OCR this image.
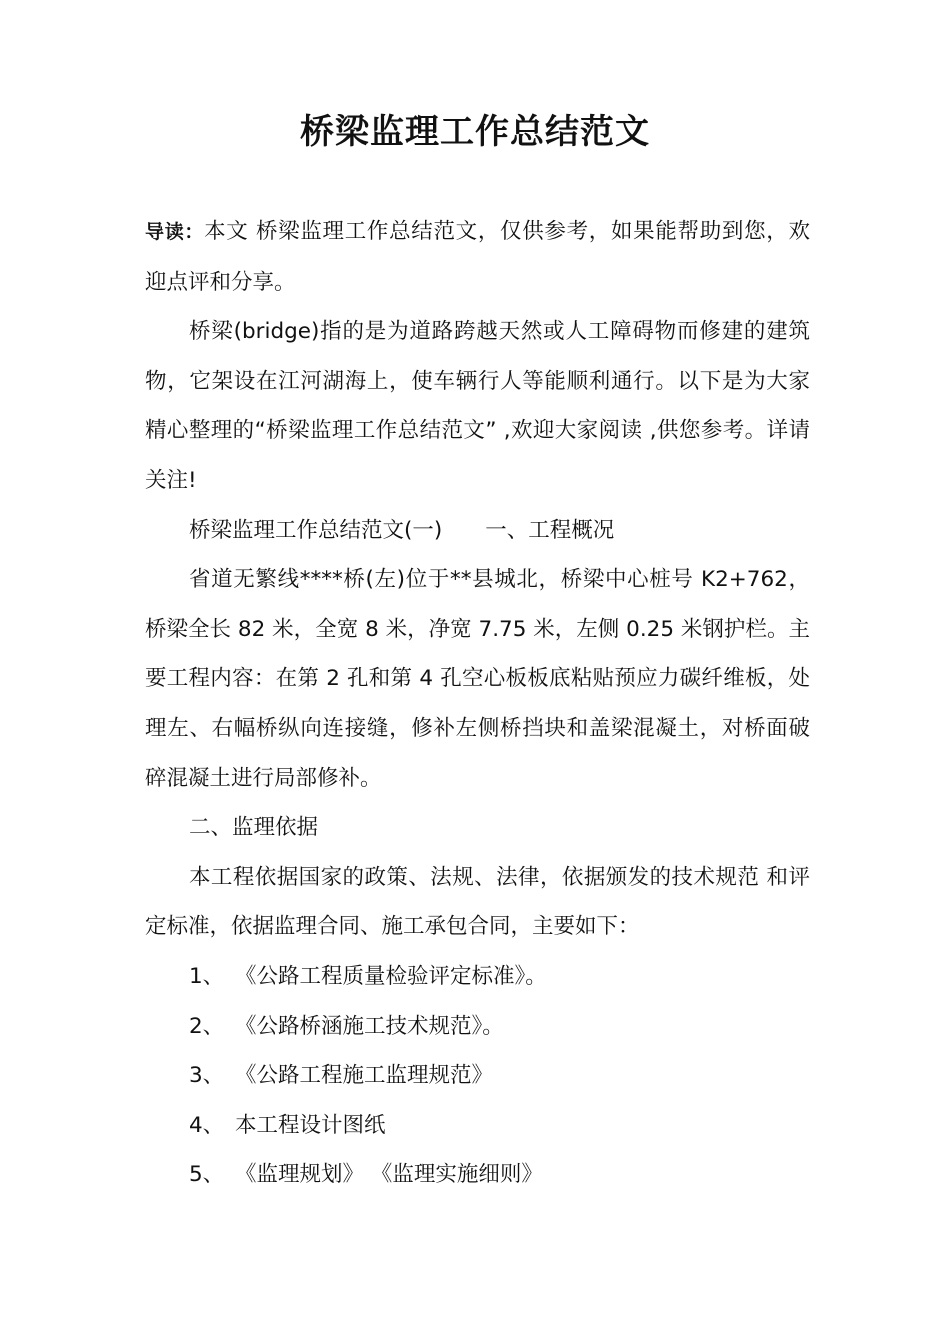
桥梁监理工作总结范文

导读：本文 桥梁监理工作总结范文，仅供参考，如果能帮助到您，欢迎点评和分享。

桥梁(bridge)指的是为道路跨越天然或人工障碍物而修建的建筑物，它架设在江河湖海上，使车辆行人等能顺利通行。以下是为大家精心整理的“桥梁监理工作总结范文” ,欢迎大家阅读 ,供您参考。详请关注!

桥梁监理工作总结范文(一)　　一、工程概况

省道无繁线****桥(左)位于**县城北，桥梁中心桩号 K2+762，桥梁全长 82 米，全宽 8 米，净宽 7.75 米，左侧 0.25 米钢护栏。主要工程内容：在第 2 孔和第 4 孔空心板板底粘贴预应力碳纤维板，处理左、右幅桥纵向连接缝，修补左侧桥挡块和盖梁混凝土，对桥面破碎混凝土进行局部修补。

二、监理依据

本工程依据国家的政策、法规、法律，依据颁发的技术规范 和评定标准，依据监理合同、施工承包合同，主要如下：

1、 《公路工程质量检验评定标准》。

2、 《公路桥涵施工技术规范》。

3、 《公路工程施工监理规范》

4、 本工程设计图纸

5、 《监理规划》 《监理实施细则》
